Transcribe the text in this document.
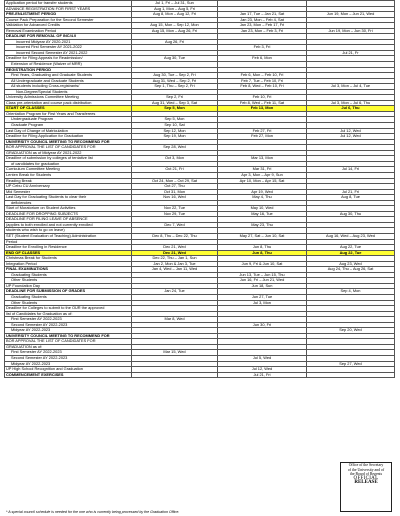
Application period for transfer students	Jul 1, Fri – Jul 31, Sun		
ADVANCE REGISTRATION FOR FIRST YEARS	Aug 1, Mon – Aug 5, Fri		
PRE-ENLISTMENT PERIOD	Aug 8, Mon – Aug 12, Fri	Jan 17, Tue – Jan 21, Sat	Jun 19, Mon – Jun 21, Wed
Course Pack Preparation for the Second Semester		Jan 23, Mon – Feb 4, Sat	
Validation for Advanced Credits	Aug 15, Mon – Sep 12, Mon	Jan 23, Mon – Feb 17, Fri	
Removal Examination Period	Aug 15, Mon – Aug 26, Fri	Jan 23, Mon – Feb 3, Fri	Jun 19, Mon – Jun 30, Fri
DEADLINE FOR REMOVAL OF INC/4.0			
incurred Midyear AY 2020-2021	Aug 26, Fri		
incurred First Semester AY 2021-2022		Feb 3, Fri	
incurred Second Semester AY 2021-2022			Jul 21, Fr
Deadline for Filing Appeals for Readmission/	Aug 30, Tue	Feb 6, Mon	
Extension of Residence (Waiver of MRR)			
REGISTRATION PERIOD			
First Years, Graduating and Graduate Students	Aug 30, Tue – Sep 2, Fri	Feb 6, Mon – Feb 10, Fri	
All Undergraduate and Graduate Students	Aug 31, Wed – Sep 2, Fri	Feb 7, Tue – Feb 10, Fri	
All students including Cross-registrants/	Sep 1, Thu – Sep 2, Fri	Feb 8, Wed – Feb 10, Fri	Jul 3, Mon – Jul 4, Tue
Non-Degree/Special Students			
University Admissions Committee Meeting	Sep 2, Fri	Feb 10, Fri	
Class pre-orientation and course pack distribution	Aug 31, Wed – Sep 3, Sat	Feb 8, Wed – Feb 11, Sat	Jul 3, Mon – Jul 6, Thu
START OF CLASSES	Sep 5, Mon	Feb 13, Mon	Jul 6, Thu
Orientation Program for First Years and Transferees			
Undergraduate Program	Sep 5, Mon		
Graduate Program	Sep 10, Sat		
Last Day of Change of Matriculation	Sep 12, Mon	Feb 27, Fri	Jul 12, Wed
Deadline for Filing Application for Graduation	Sep 19, Mon	Feb 27, Mon	Jul 12, Wed
UNIVERSITY COUNCIL MEETING TO RECOMMEND FOR			
BOR APPROVAL THE LIST OF CANDIDATES FOR	Sep 28, Wed		
GRADUATION as of Midyear AY 2021-2022			
Deadline of submission by colleges of tentative list	Oct 3, Mon	Mar 13, Mon	
of candidates for graduation			
Curriculum Committee Meeting	Oct 21, Fri	Mar 31, Fri	Jul 14, Fri
Lenten Break for Students		Apr 3, Mon – Apr 9, Sun	
Reading Break	Oct 24, Mon – Oct 29, Sat	Apr 10, Mon – Apr 15, Sat	
UP Cebu CU Anniversary	Oct 27, Thu		
Mid Semester	Oct 31, Mon	Apr 19, Wed	Jul 21, Fri
Last Day for Graduating Students to clear their	Nov 16, Wed	May 4, Thu	Aug 8, Tue
deficiencies			
Start of Moratorium on Student Activities	Nov 22, Tue	May 10, Wed	
DEADLINE FOR DROPPING SUBJECTS	Nov 29, Tue	May 16, Tue	Aug 30, Thu
DEADLINE FOR FILING LEAVE OF ABSENCE			
(applies to both enrolled and not currently enrolled	Dec 7, Wed	May 23, Thu	
students who wish to go on leave)			
SET (Student Evaluation of Teaching) Administration	Dec 8, Thu – Dec 22, Thu	May 27, Sat – Jun 10, Sat	Aug 16, Wed – Aug 23, Wed
Period			
Deadline for Enrolling in Residence	Dec 21, Wed	Jun 8, Thu	Aug 22, Tue
END OF CLASSES	Dec 21, Wed	Jun 8, Thu	Aug 22, Tue
Christmas Break for Students	Dec 22, Thu – Jan 1, Sun		
Integration Period	Jan 2, Mon & Jan 3, Tue	Jun 9, Fri & Jun 10, Sat	Aug 23, Wed
FINAL EXAMINATIONS	Jan 4, Wed – Jan 11, Wed		Aug 24, Thu – Aug 26, Sat
Graduating Students		Jun 13, Tue – Jun 15, Thu	
Other Students		Jun 16, Fri – Jun 21, Wed	
UP Foundation Day		Jun 18, Sun	
DEADLINE FOR SUBMISSION OF GRADES	Jan 24, Tue		Sep 4, Mon
Graduating Students		Jun 27, Tue	
Other Students		Jul 3, Mon	
Deadline for Colleges to submit to the OUR the approved			
list of Candidates for Graduation as of:			
First Semester AY 2022-2023	Mar 8, Wed		
Second Semester AY 2022-2023		Jun 30, Fri	
Midyear AY 2022-2023			Sep 20, Wed
UNIVERSITY COUNCIL MEETING TO RECOMMEND FOR			
BOR APPROVAL THE LIST OF CANDIDATES FOR			
GRADUATION as of:			
First Semester AY 2022-2023	Mar 15, Wed		
Second Semester AY 2022-2023		Jul 5, Wed	
Midyear AY 2022-2023			Sep 27, Wed
UP High School Recognition and Graduation		Jul 12, Wed	
COMMENCEMENT EXERCISES		Jul 21, Fri	
* A special council schedule is needed for the one who is currently being processed by the Graduation Office.
Office of the Secretary
of the University and of
the Board of Regents
OFFICIAL
RELEASE
